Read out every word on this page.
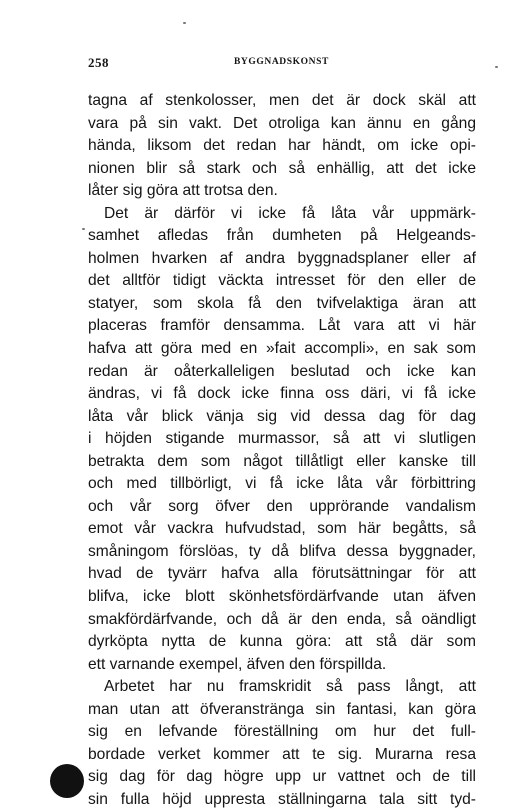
258	BYGGNADSKONST
tagna af stenkolosser, men det är dock skäl att
vara på sin vakt. Det otroliga kan ännu en gång
hända, liksom det redan har händt, om icke opi-
nionen blir så stark och så enhällig, att det icke
låter sig göra att trotsa den.
Det är därför vi icke få låta vår uppmärk-
samhet afledas från dumheten på Helgeands-
holmen hvarken af andra byggnadsplaner eller af
det alltför tidigt väckta intresset för den eller de
statyer, som skola få den tvifvelaktiga äran att
placeras framför densamma. Låt vara att vi här
hafva att göra med en »fait accompli», en sak som
redan är oåterkalleligen beslutad och icke kan
ändras, vi få dock icke finna oss däri, vi få icke
låta vår blick vänja sig vid dessa dag för dag
i höjden stigande murmassor, så att vi slutligen
betrakta dem som något tillåtligt eller kanske till
och med tillbörligt, vi få icke låta vår förbittring
och vår sorg öfver den upprörande vandalism
emot vår vackra hufvudstad, som här begåtts, så
småningom förslöas, ty då blifva dessa byggnader,
hvad de tyvärr hafva alla förutsättningar för att
blifva, icke blott skönhetsfördärfvande utan äfven
smakfördärfvande, och då är den enda, så oändligt
dyrköpta nytta de kunna göra: att stå där som
ett varnande exempel, äfven den förspillda.
Arbetet har nu framskridit så pass långt, att
man utan att öfveranstränga sin fantasi, kan göra
sig en lefvande föreställning om hur det full-
bordade verket kommer att te sig. Murarna resa
sig dag för dag högre upp ur vattnet och de till
sin fulla höjd uppresta ställningarna tala sitt tyd-
